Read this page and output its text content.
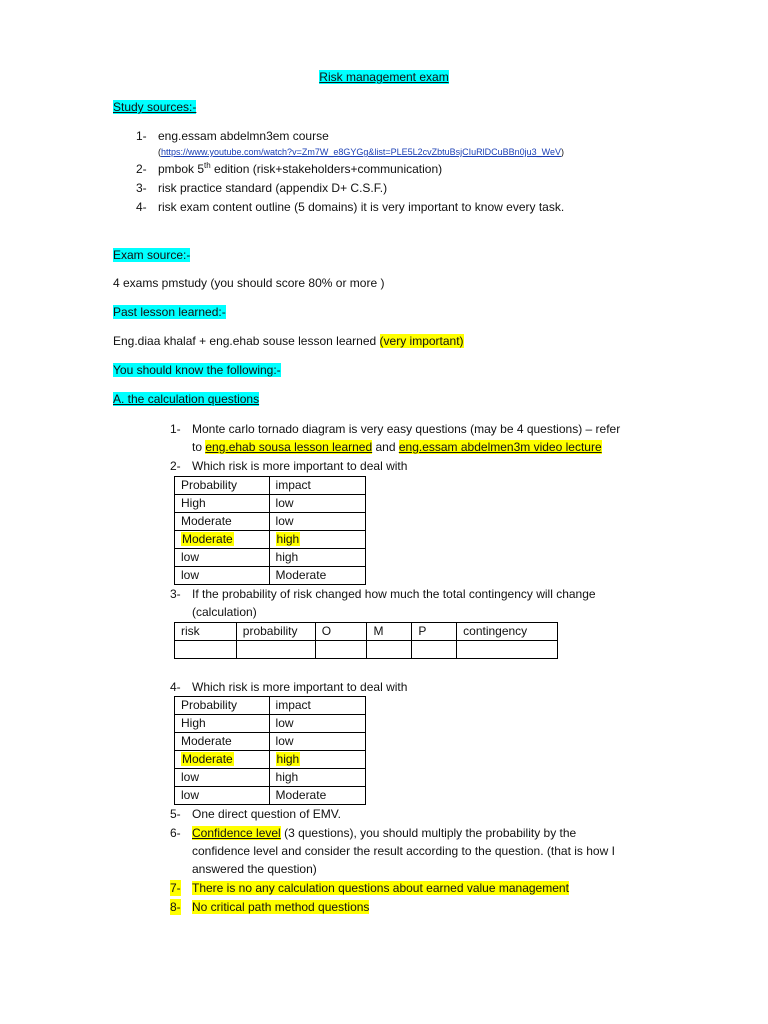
Risk management exam
Study sources:-
1- eng.essam abdelmn3em course
(https://www.youtube.com/watch?v=Zm7W_e8GYGg&list=PLE5L2cvZbtuBsjCIuRlDCuBBn0ju3_WeV)
2- pmbok 5th edition (risk+stakeholders+communication)
3- risk practice standard (appendix D+ C.S.F.)
4- risk exam content outline (5 domains) it is very important to know every task.
Exam source:-
4 exams pmstudy (you should score 80% or more )
Past lesson learned:-
Eng.diaa khalaf + eng.ehab souse lesson learned (very important)
You should know the following:-
A. the calculation questions
1- Monte carlo tornado diagram is very easy questions (may be 4 questions) – refer
to eng.ehab sousa lesson learned and eng.essam abdelmen3m video lecture
2- Which risk is more important to deal with
Probability	impact
High	low
Moderate	low
Moderate	high
low	high
low	Moderate
3- If the probability of risk changed how much the total contingency will change
(calculation)
risk	probability	O	M	P	contingency

4- Which risk is more important to deal with
Probability	impact
High	low
Moderate	low
Moderate	high
low	high
low	Moderate
5- One direct question of EMV.
6- Confidence level (3 questions), you should multiply the probability by the
confidence level and consider the result according to the question. (that is how I
answered the question)
7- There is no any calculation questions about earned value management
8- No critical path method questions
